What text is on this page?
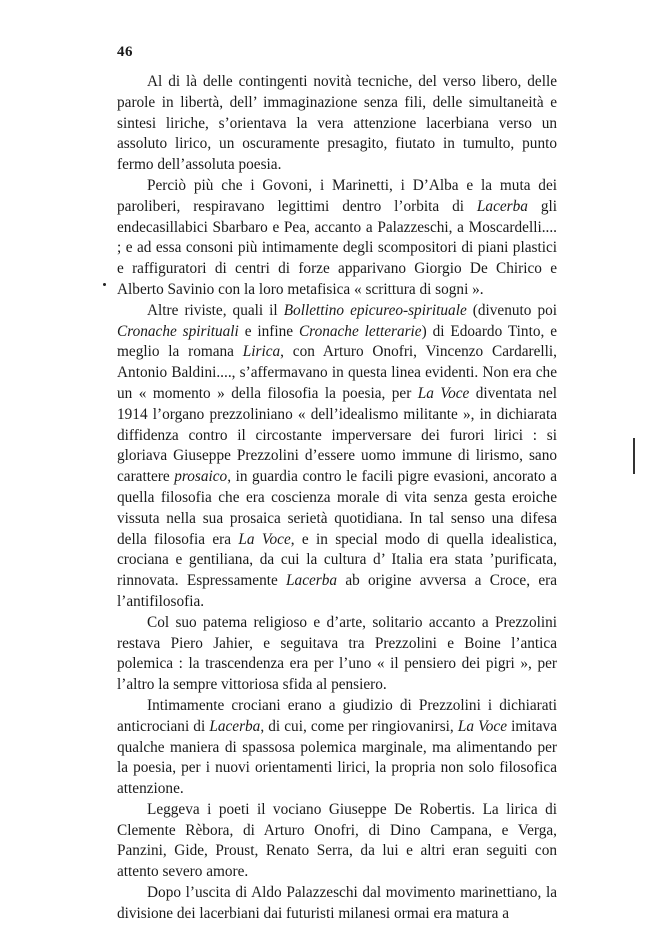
46

Al di là delle contingenti novità tecniche, del verso libero, delle parole in libertà, dell’ immaginazione senza fili, delle simultaneità e sintesi liriche, s’orientava la vera attenzione lacerbiana verso un assoluto lirico, un oscuramente presagito, fiutato in tumulto, punto fermo dell’assoluta poesia.

Perciò più che i Govoni, i Marinetti, i D’Alba e la muta dei paroliberi, respiravano legittimi dentro l’orbita di Lacerba gli endecasillabici Sbarbaro e Pea, accanto a Palazzeschi, a Moscardelli.... ; e ad essa consoni più intimamente degli scompositori di piani plastici e raffiguratori di centri di forze apparivano Giorgio De Chirico e Alberto Savinio con la loro metafisica « scrittura di sogni ».

Altre riviste, quali il Bollettino epicureo-spirituale (divenuto poi Cronache spirituali e infine Cronache letterarie) di Edoardo Tinto, e meglio la romana Lirica, con Arturo Onofri, Vincenzo Cardarelli, Antonio Baldini...., s’affermavano in questa linea evidenti. Non era che un « momento » della filosofia la poesia, per La Voce diventata nel 1914 l’organo prezzoliniano « dell’idealismo militante », in dichiarata diffidenza contro il circostante imperversare dei furori lirici : si gloriava Giuseppe Prezzolini d’essere uomo immune di lirismo, sano carattere prosaico, in guardia contro le facili pigre evasioni, ancorato a quella filosofia che era coscienza morale di vita senza gesta eroiche vissuta nella sua prosaica serietà quotidiana. In tal senso una difesa della filosofia era La Voce, e in special modo di quella idealistica, crociana e gentiliana, da cui la cultura d’ Italia era stata ’purificata, rinnovata. Espressamente Lacerba ab origine avversa a Croce, era l’antifilosofia.

Col suo patema religioso e d’arte, solitario accanto a Prezzolini restava Piero Jahier, e seguitava tra Prezzolini e Boine l’antica polemica : la trascendenza era per l’uno « il pensiero dei pigri », per l’altro la sempre vittoriosa sfida al pensiero.

Intimamente crociani erano a giudizio di Prezzolini i dichiarati anticrociani di Lacerba, di cui, come per ringiovanirsi, La Voce imitava qualche maniera di spassosa polemica marginale, ma alimentando per la poesia, per i nuovi orientamenti lirici, la propria non solo filosofica attenzione.

Leggeva i poeti il vociano Giuseppe De Robertis. La lirica di Clemente Rèbora, di Arturo Onofri, di Dino Campana, e Verga, Panzini, Gide, Proust, Renato Serra, da lui e altri eran seguiti con attento severo amore.

Dopo l’uscita di Aldo Palazzeschi dal movimento marinettiano, la divisione dei lacerbiani dai futuristi milanesi ormai era matura a
